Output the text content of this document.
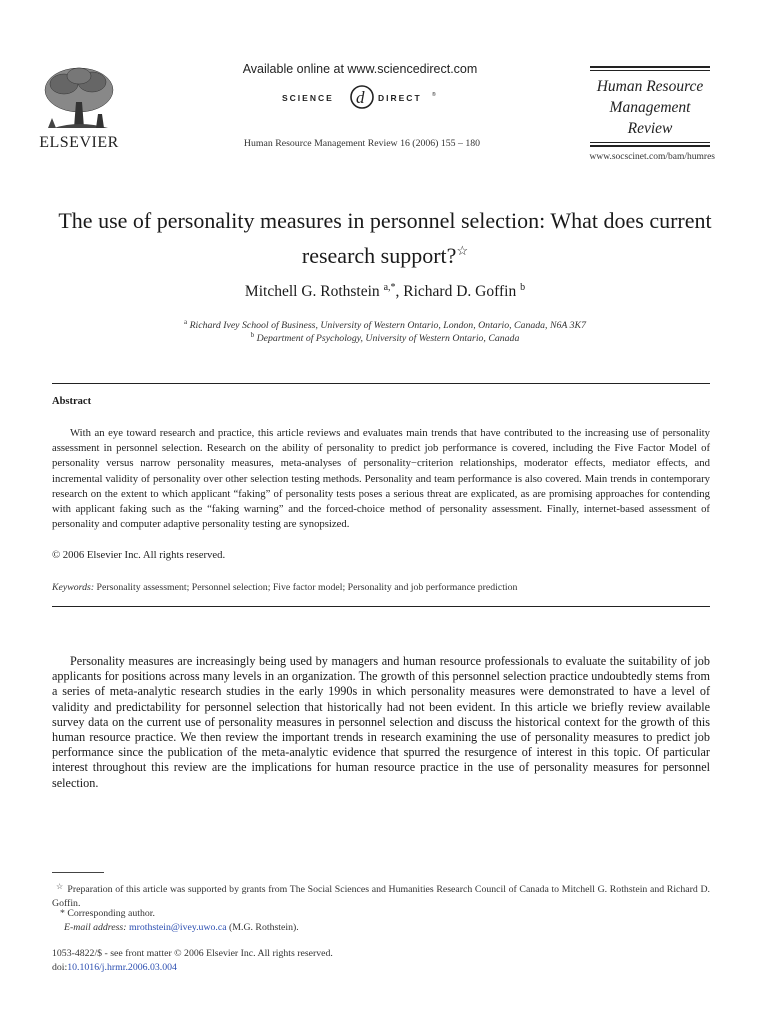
ELSEVIER
Available online at www.sciencedirect.com
SCIENCE d DIRECT ®
Human Resource Management Review 16 (2006) 155 – 180
Human Resource
Management
Review
www.socscinet.com/bam/humres
The use of personality measures in personnel selection: What does current research support?☆
Mitchell G. Rothstein $^{a,*}$, Richard D. Goffin $^b$
$^a$ Richard Ivey School of Business, University of Western Ontario, London, Ontario, Canada, N6A 3K7
$^b$ Department of Psychology, University of Western Ontario, Canada
Abstract
With an eye toward research and practice, this article reviews and evaluates main trends that have contributed to the increasing use of personality assessment in personnel selection. Research on the ability of personality to predict job performance is covered, including the Five Factor Model of personality versus narrow personality measures, meta-analyses of personality−criterion relationships, moderator effects, mediator effects, and incremental validity of personality over other selection testing methods. Personality and team performance is also covered. Main trends in contemporary research on the extent to which applicant “faking” of personality tests poses a serious threat are explicated, as are promising approaches for contending with applicant faking such as the “faking warning” and the forced-choice method of personality assessment. Finally, internet-based assessment of personality and computer adaptive personality testing are synopsized.
© 2006 Elsevier Inc. All rights reserved.
Keywords: Personality assessment; Personnel selection; Five factor model; Personality and job performance prediction
Personality measures are increasingly being used by managers and human resource professionals to evaluate the suitability of job applicants for positions across many levels in an organization. The growth of this personnel selection practice undoubtedly stems from a series of meta-analytic research studies in the early 1990s in which personality measures were demonstrated to have a level of validity and predictability for personnel selection that historically had not been evident. In this article we briefly review available survey data on the current use of personality measures in personnel selection and discuss the historical context for the growth of this human resource practice. We then review the important trends in research examining the use of personality measures to predict job performance since the publication of the meta-analytic evidence that spurred the resurgence of interest in this topic. Of particular interest throughout this review are the implications for human resource practice in the use of personality measures for personnel selection.
☆ Preparation of this article was supported by grants from The Social Sciences and Humanities Research Council of Canada to Mitchell G. Rothstein and Richard D. Goffin.
* Corresponding author.
E-mail address: mrothstein@ivey.uwo.ca (M.G. Rothstein).
1053-4822/$ - see front matter © 2006 Elsevier Inc. All rights reserved.
doi:10.1016/j.hrmr.2006.03.004
